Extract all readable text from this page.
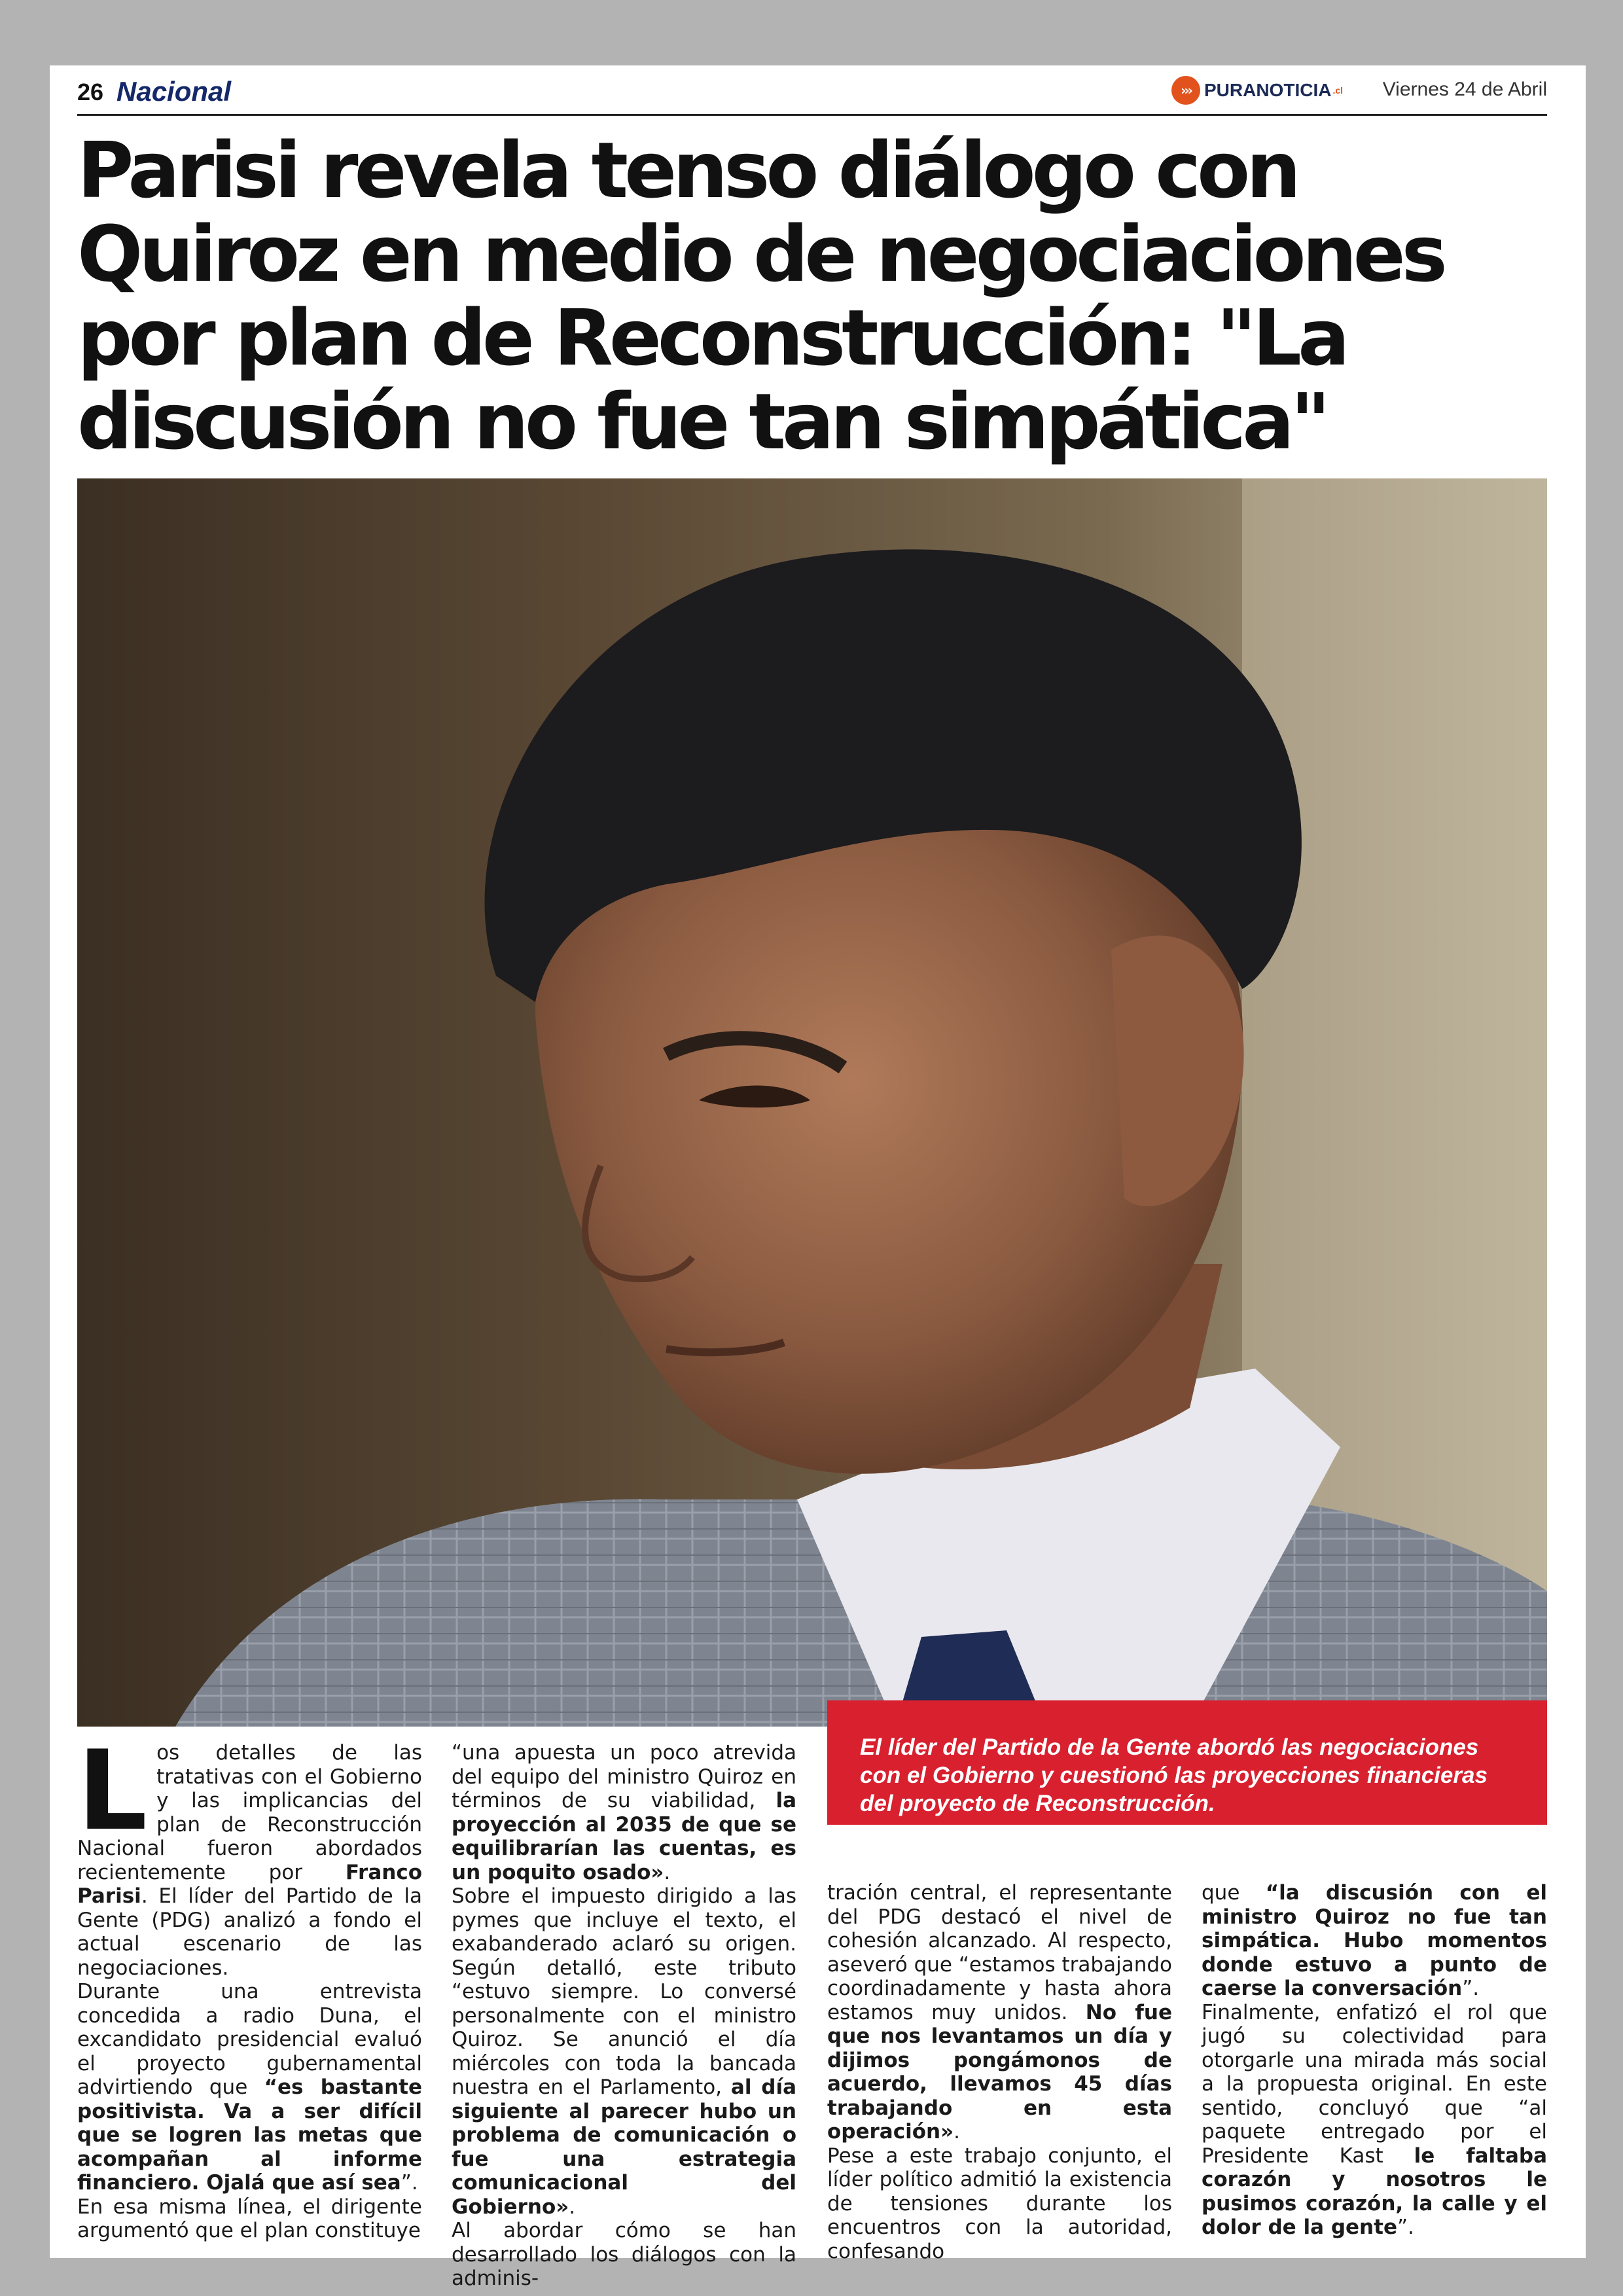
26 Nacional	››› PURANOTICIA .cl Viernes 24 de Abril
Parisi revela tenso diálogo con Quiroz en medio de negociaciones por plan de Reconstrucción: "La discusión no fue tan simpática"

El líder del Partido de la Gente abordó las negociaciones con el Gobierno y cuestionó las proyecciones financieras del proyecto de Reconstrucción.

Los detalles de las tratativas con el Gobierno y las implicancias del plan de Reconstrucción Nacional fueron abordados recientemente por Franco Parisi. El líder del Partido de la Gente (PDG) analizó a fondo el actual escenario de las negociaciones.

Durante una entrevista concedida a radio Duna, el excandidato presidencial evaluó el proyecto gubernamental advirtiendo que “es bastante positivista. Va a ser difícil que se logren las metas que acompañan al informe financiero. Ojalá que así sea”.

En esa misma línea, el dirigente argumentó que el plan constituye

“una apuesta un poco atrevida del equipo del ministro Quiroz en términos de su viabilidad, la proyección al 2035 de que se equilibrarían las cuentas, es un poquito osado».

Sobre el impuesto dirigido a las pymes que incluye el texto, el exabanderado aclaró su origen. Según detalló, este tributo “estuvo siempre. Lo conversé personalmente con el ministro Quiroz. Se anunció el día miércoles con toda la bancada nuestra en el Parlamento, al día siguiente al parecer hubo un problema de comunicación o fue una estrategia comunicacional del Gobierno».

Al abordar cómo se han desarrollado los diálogos con la adminis-

tración central, el representante del PDG destacó el nivel de cohesión alcanzado. Al respecto, aseveró que “estamos trabajando coordinadamente y hasta ahora estamos muy unidos. No fue que nos levantamos un día y dijimos pongámonos de acuerdo, llevamos 45 días trabajando en esta operación».

Pese a este trabajo conjunto, el líder político admitió la existencia de tensiones durante los encuentros con la autoridad, confesando

que “la discusión con el ministro Quiroz no fue tan simpática. Hubo momentos donde estuvo a punto de caerse la conversación”.

Finalmente, enfatizó el rol que jugó su colectividad para otorgarle una mirada más social a la propuesta original. En este sentido, concluyó que “al paquete entregado por el Presidente Kast le faltaba corazón y nosotros le pusimos corazón, la calle y el dolor de la gente”.
